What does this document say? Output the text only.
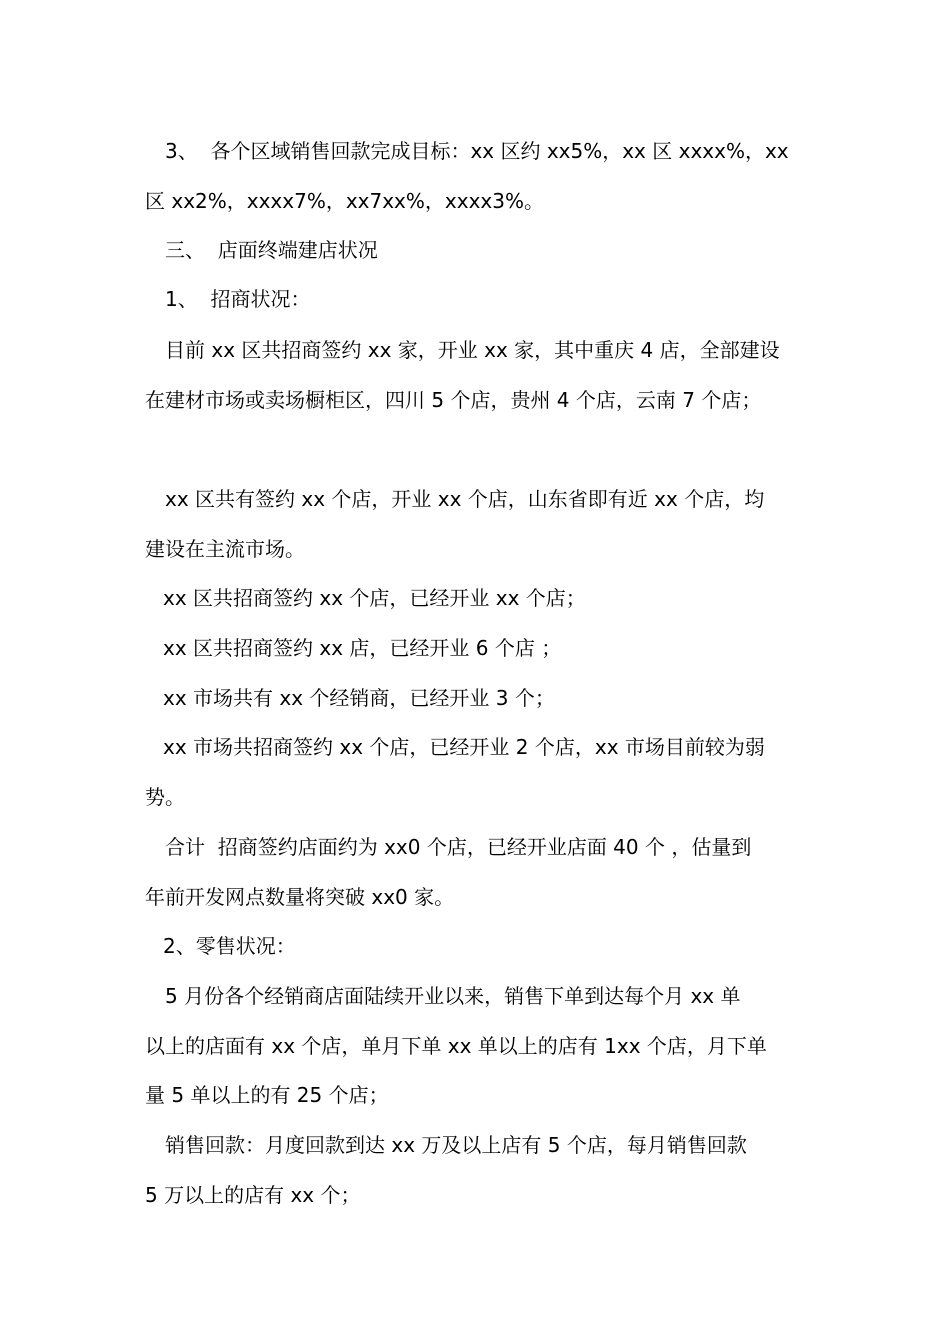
3、  各个区域销售回款完成目标：xx 区约 xx5%，xx 区 xxxx%，xx
区 xx2%，xxxx7%，xx7xx%，xxxx3%。
三、  店面终端建店状况
1、  招商状况：
目前 xx 区共招商签约 xx 家，开业 xx 家，其中重庆 4 店，全部建设
在建材市场或卖场橱柜区，四川 5 个店，贵州 4 个店，云南 7 个店；
xx 区共有签约 xx 个店，开业 xx 个店，山东省即有近 xx 个店，均
建设在主流市场。
xx 区共招商签约 xx 个店，已经开业 xx 个店；
xx 区共招商签约 xx 店，已经开业 6 个店 ；
xx 市场共有 xx 个经销商，已经开业 3 个；
xx 市场共招商签约 xx 个店，已经开业 2 个店，xx 市场目前较为弱
势。
合计  招商签约店面约为 xx0 个店，已经开业店面 40 个 ，估量到
年前开发网点数量将突破 xx0 家。
2、零售状况：
5 月份各个经销商店面陆续开业以来，销售下单到达每个月 xx 单
以上的店面有 xx 个店，单月下单 xx 单以上的店有 1xx 个店，月下单
量 5 单以上的有 25 个店；
销售回款：月度回款到达 xx 万及以上店有 5 个店，每月销售回款
5 万以上的店有 xx 个；
